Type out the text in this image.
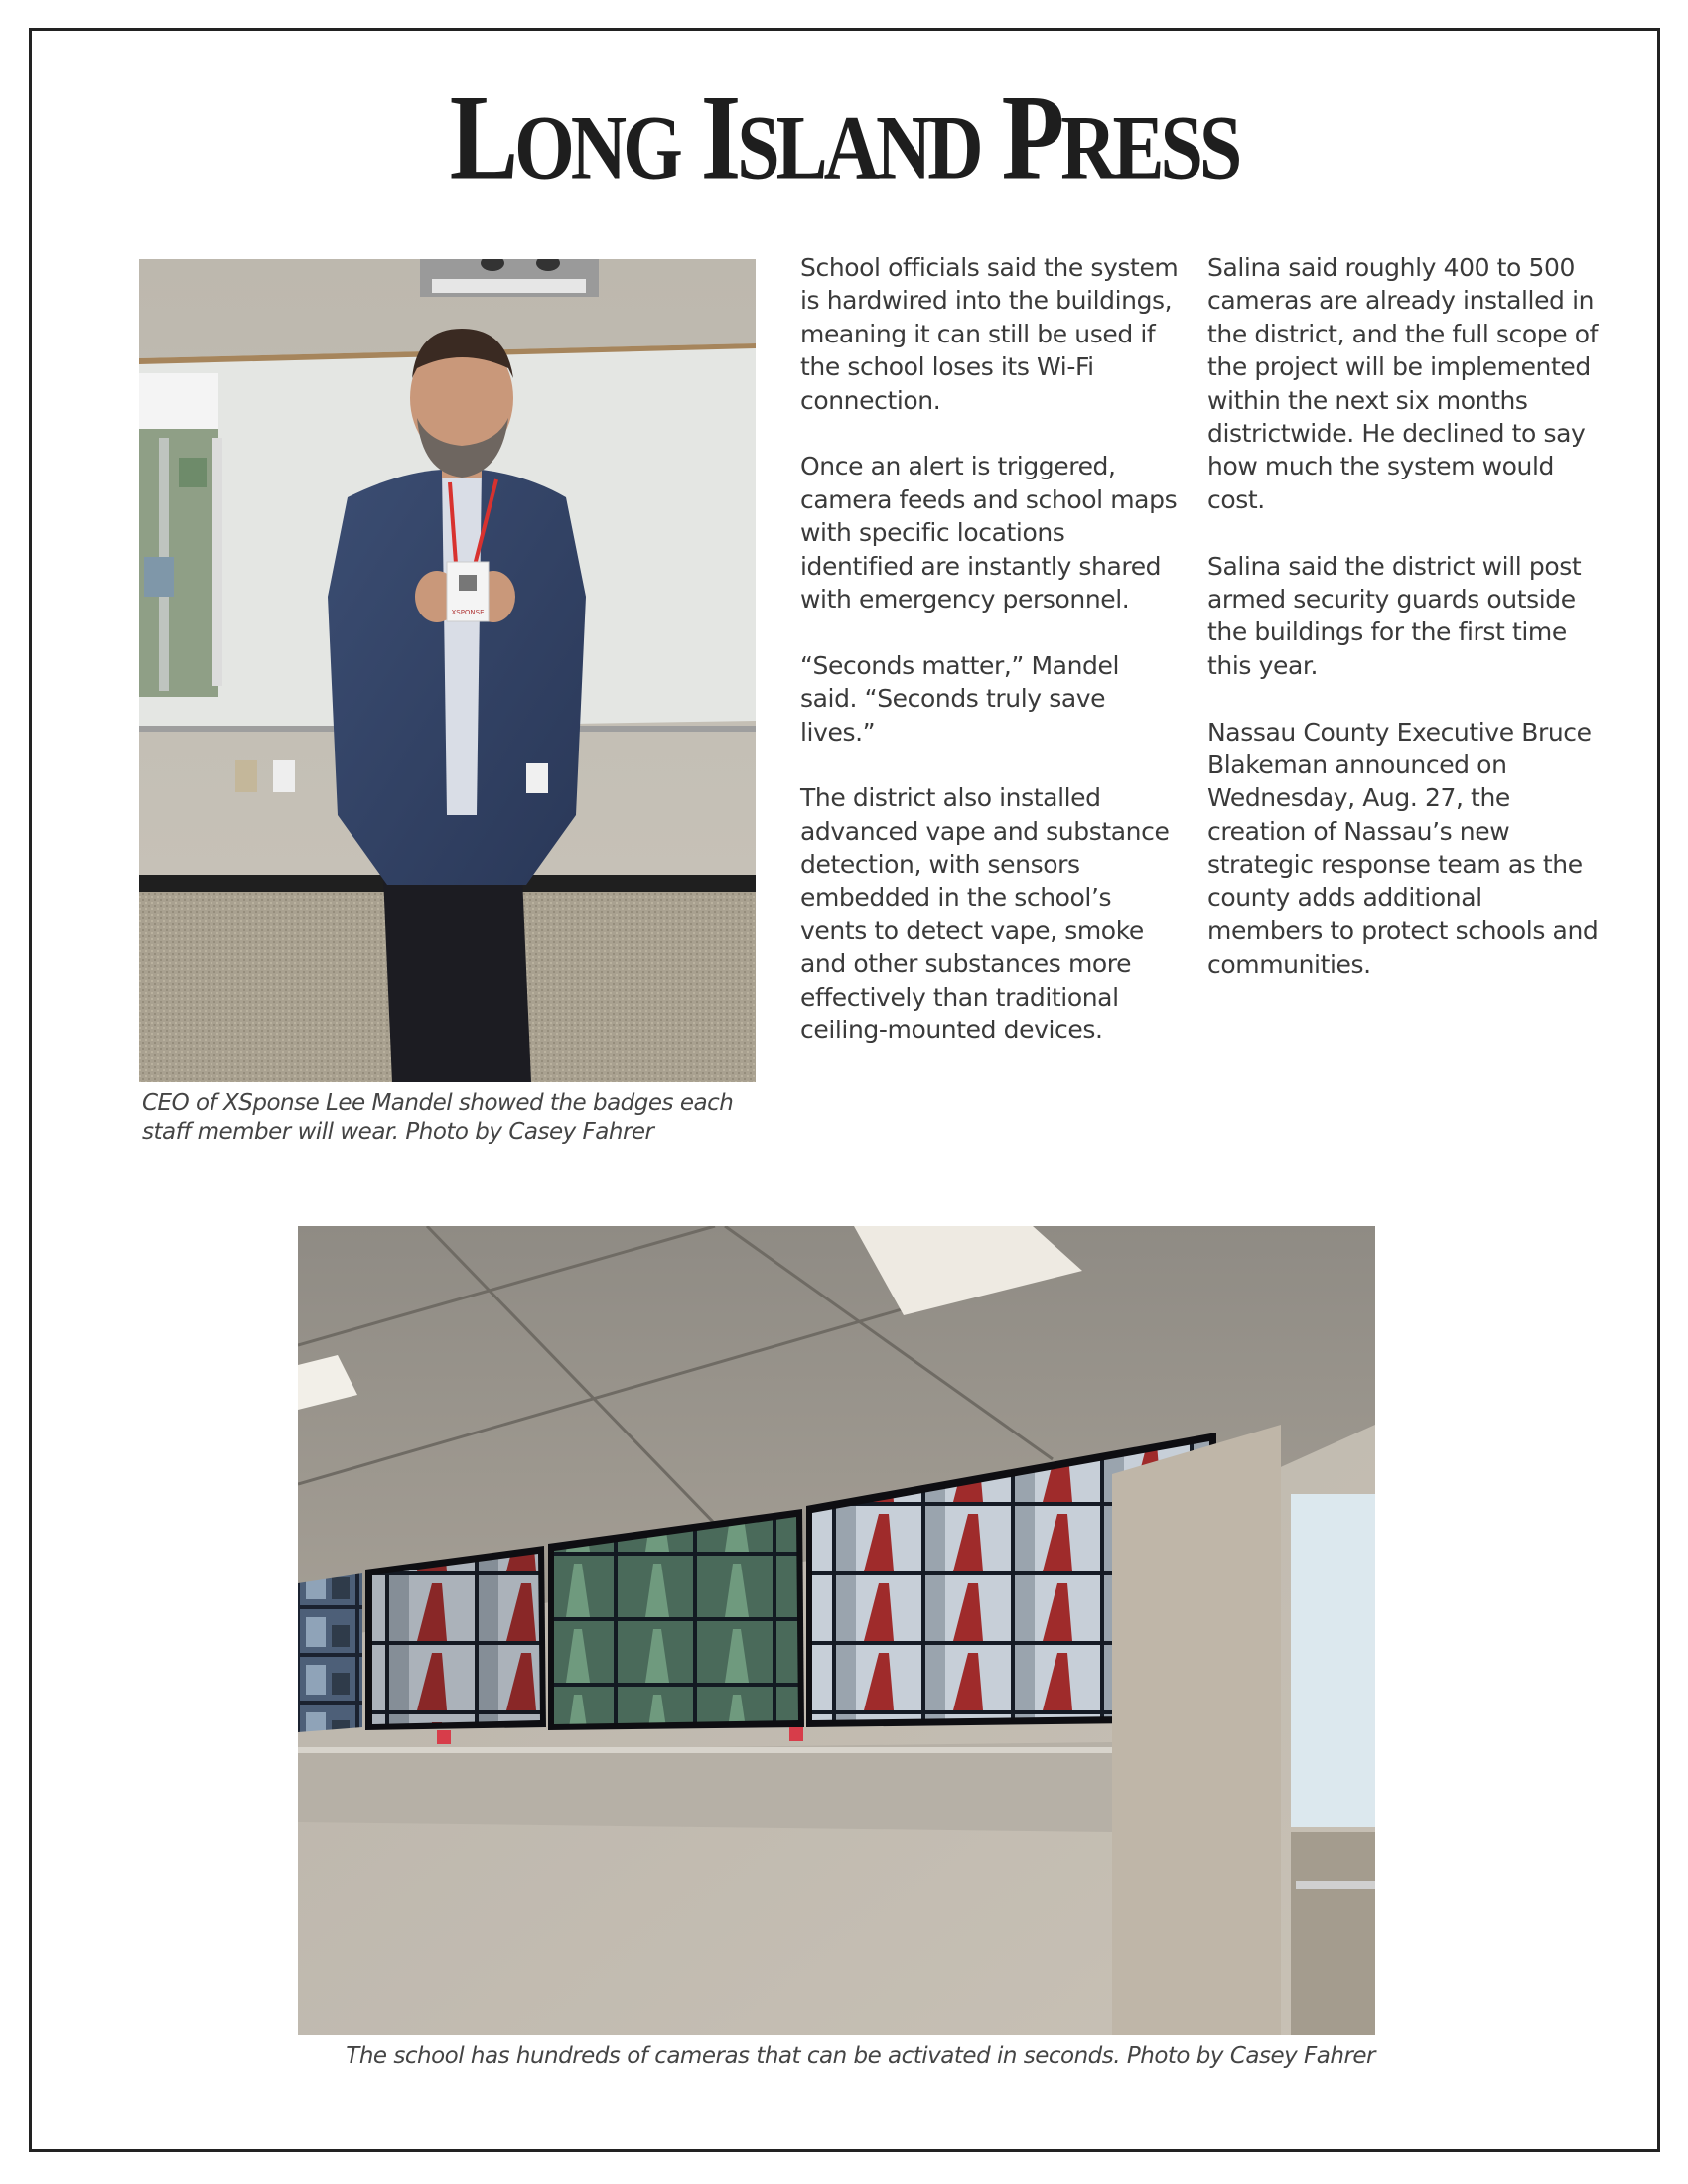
LONG ISLAND PRESS
XSPONSE
CEO of XSponse Lee Mandel showed the badges each staff member will wear. Photo by Casey Fahrer

School officials said the system is hardwired into the buildings, meaning it can still be used if the school loses its Wi-Fi connection.

Once an alert is triggered, camera feeds and school maps with specific locations identified are instantly shared with emergency personnel.

“Seconds matter,” Mandel said. “Seconds truly save lives.”

The district also installed advanced vape and substance detection, with sensors embedded in the school’s vents to detect vape, smoke and other substances more effectively than traditional ceiling-mounted devices.

Salina said roughly 400 to 500 cameras are already installed in the district, and the full scope of the project will be implemented within the next six months districtwide. He declined to say how much the system would cost.

Salina said the district will post armed security guards outside the buildings for the first time this year.

Nassau County Executive Bruce Blakeman announced on Wednesday, Aug. 27, the creation of Nassau’s new strategic response team as the county adds additional members to protect schools and communities.

The school has hundreds of cameras that can be activated in seconds. Photo by Casey Fahrer
